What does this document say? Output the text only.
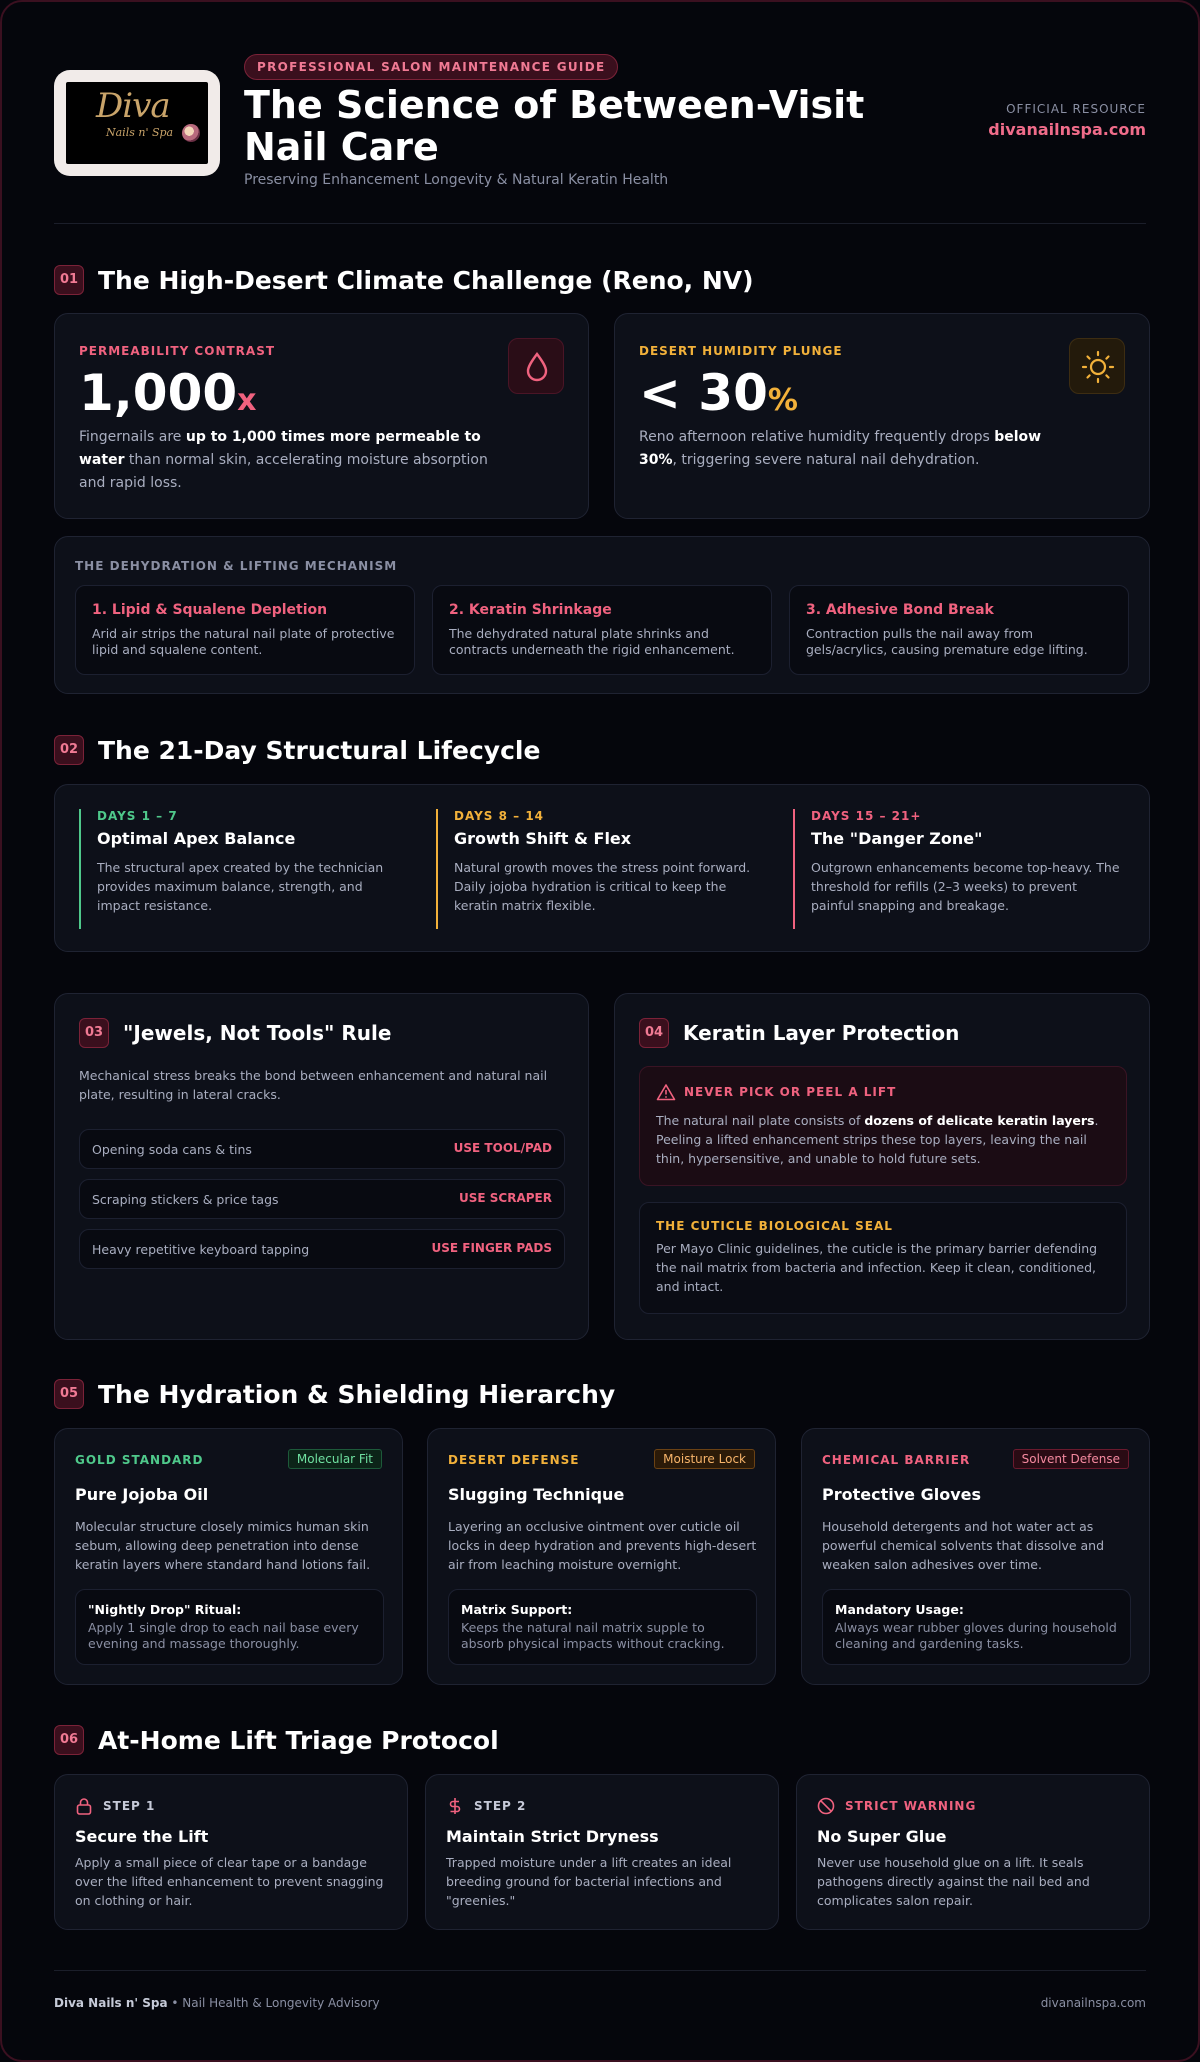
Diva
Nails n' Spa
PROFESSIONAL SALON MAINTENANCE GUIDE
The Science of Between-Visit Nail Care
Preserving Enhancement Longevity & Natural Keratin Health
OFFICIAL RESOURCE
divanailnspa.com
01 The High-Desert Climate Challenge (Reno, NV)
PERMEABILITY CONTRAST
1,000x
Fingernails are up to 1,000 times more permeable to water than normal skin, accelerating moisture absorption and rapid loss.
DESERT HUMIDITY PLUNGE
< 30%
Reno afternoon relative humidity frequently drops below 30%, triggering severe natural nail dehydration.
THE DEHYDRATION & LIFTING MECHANISM
1. Lipid & Squalene Depletion
Arid air strips the natural nail plate of protective lipid and squalene content.
2. Keratin Shrinkage
The dehydrated natural plate shrinks and contracts underneath the rigid enhancement.
3. Adhesive Bond Break
Contraction pulls the nail away from gels/acrylics, causing premature edge lifting.
02 The 21-Day Structural Lifecycle
DAYS 1 – 7
Optimal Apex Balance
The structural apex created by the technician provides maximum balance, strength, and impact resistance.
DAYS 8 – 14
Growth Shift & Flex
Natural growth moves the stress point forward. Daily jojoba hydration is critical to keep the keratin matrix flexible.
DAYS 15 – 21+
The "Danger Zone"
Outgrown enhancements become top-heavy. The threshold for refills (2–3 weeks) to prevent painful snapping and breakage.
03 "Jewels, Not Tools" Rule
Mechanical stress breaks the bond between enhancement and natural nail plate, resulting in lateral cracks.
Opening soda cans & tins	USE TOOL/PAD
Scraping stickers & price tags	USE SCRAPER
Heavy repetitive keyboard tapping	USE FINGER PADS
04 Keratin Layer Protection
NEVER PICK OR PEEL A LIFT
The natural nail plate consists of dozens of delicate keratin layers. Peeling a lifted enhancement strips these top layers, leaving the nail thin, hypersensitive, and unable to hold future sets.
THE CUTICLE BIOLOGICAL SEAL
Per Mayo Clinic guidelines, the cuticle is the primary barrier defending the nail matrix from bacteria and infection. Keep it clean, conditioned, and intact.
05 The Hydration & Shielding Hierarchy
GOLD STANDARD	Molecular Fit
Pure Jojoba Oil
Molecular structure closely mimics human skin sebum, allowing deep penetration into dense keratin layers where standard hand lotions fail.
"Nightly Drop" Ritual:
Apply 1 single drop to each nail base every evening and massage thoroughly.
DESERT DEFENSE	Moisture Lock
Slugging Technique
Layering an occlusive ointment over cuticle oil locks in deep hydration and prevents high-desert air from leaching moisture overnight.
Matrix Support:
Keeps the natural nail matrix supple to absorb physical impacts without cracking.
CHEMICAL BARRIER	Solvent Defense
Protective Gloves
Household detergents and hot water act as powerful chemical solvents that dissolve and weaken salon adhesives over time.
Mandatory Usage:
Always wear rubber gloves during household cleaning and gardening tasks.
06 At-Home Lift Triage Protocol
STEP 1
Secure the Lift
Apply a small piece of clear tape or a bandage over the lifted enhancement to prevent snagging on clothing or hair.
STEP 2
Maintain Strict Dryness
Trapped moisture under a lift creates an ideal breeding ground for bacterial infections and "greenies."
STRICT WARNING
No Super Glue
Never use household glue on a lift. It seals pathogens directly against the nail bed and complicates salon repair.
Diva Nails n' Spa • Nail Health & Longevity Advisory	divanailnspa.com
